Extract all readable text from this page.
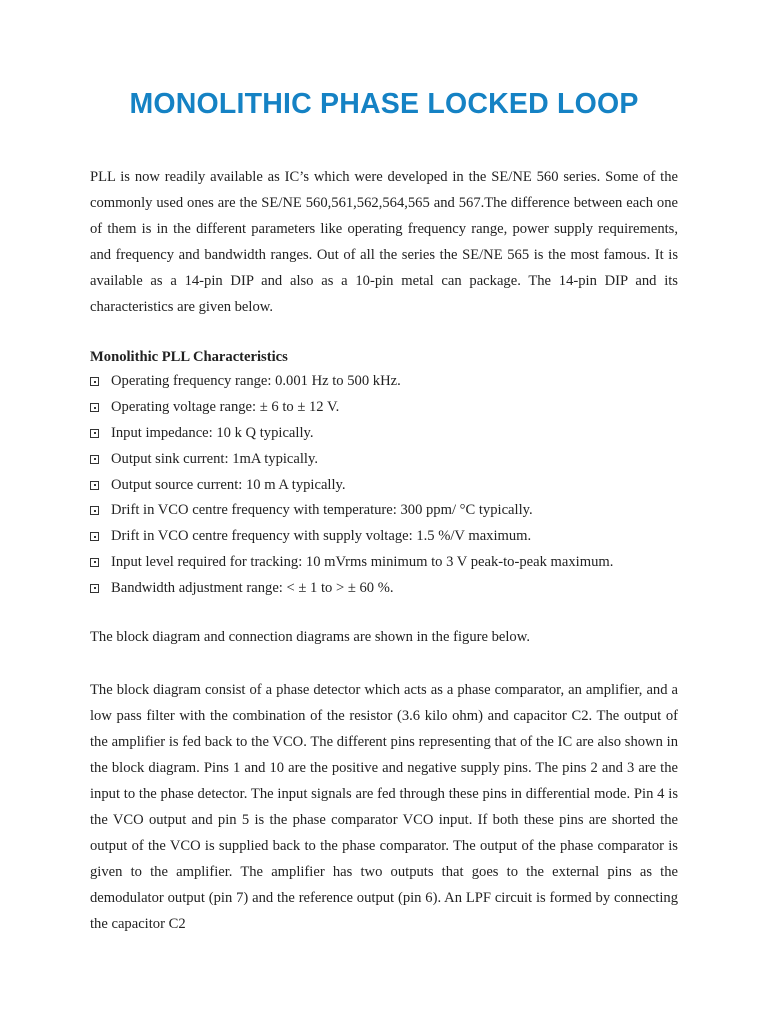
MONOLITHIC PHASE LOCKED LOOP

PLL is now readily available as IC’s which were developed in the SE/NE 560 series. Some of the commonly used ones are the SE/NE 560,561,562,564,565 and 567.The difference between each one of them is in the different parameters like operating frequency range, power supply requirements, and frequency and bandwidth ranges. Out of all the series the SE/NE 565 is the most famous. It is available as a 14-pin DIP and also as a 10-pin metal can package. The 14-pin DIP and its characteristics are given below.

Monolithic PLL Characteristics

Operating frequency range: 0.001 Hz to 500 kHz.
Operating voltage range: ± 6 to ± 12 V.
Input impedance: 10 k Q typically.
Output sink current: 1mA typically.
Output source current: 10 m A typically.
Drift in VCO centre frequency with temperature: 300 ppm/ °C typically.
Drift in VCO centre frequency with supply voltage: 1.5 %/V maximum.
Input level required for tracking: 10 mVrms minimum to 3 V peak-to-peak maximum.
Bandwidth adjustment range: < ± 1 to > ± 60 %.

The block diagram and connection diagrams are shown in the figure below.

The block diagram consist of a phase detector which acts as a phase comparator, an amplifier, and a low pass filter with the combination of the resistor (3.6 kilo ohm) and capacitor C2. The output of the amplifier is fed back to the VCO. The different pins representing that of the IC are also shown in the block diagram. Pins 1 and 10 are the positive and negative supply pins. The pins 2 and 3 are the input to the phase detector. The input signals are fed through these pins in differential mode. Pin 4 is the VCO output and pin 5 is the phase comparator VCO input. If both these pins are shorted the output of the VCO is supplied back to the phase comparator. The output of the phase comparator is given to the amplifier. The amplifier has two outputs that goes to the external pins as the demodulator output (pin 7) and the reference output (pin 6). An LPF circuit is formed by connecting the capacitor C2
